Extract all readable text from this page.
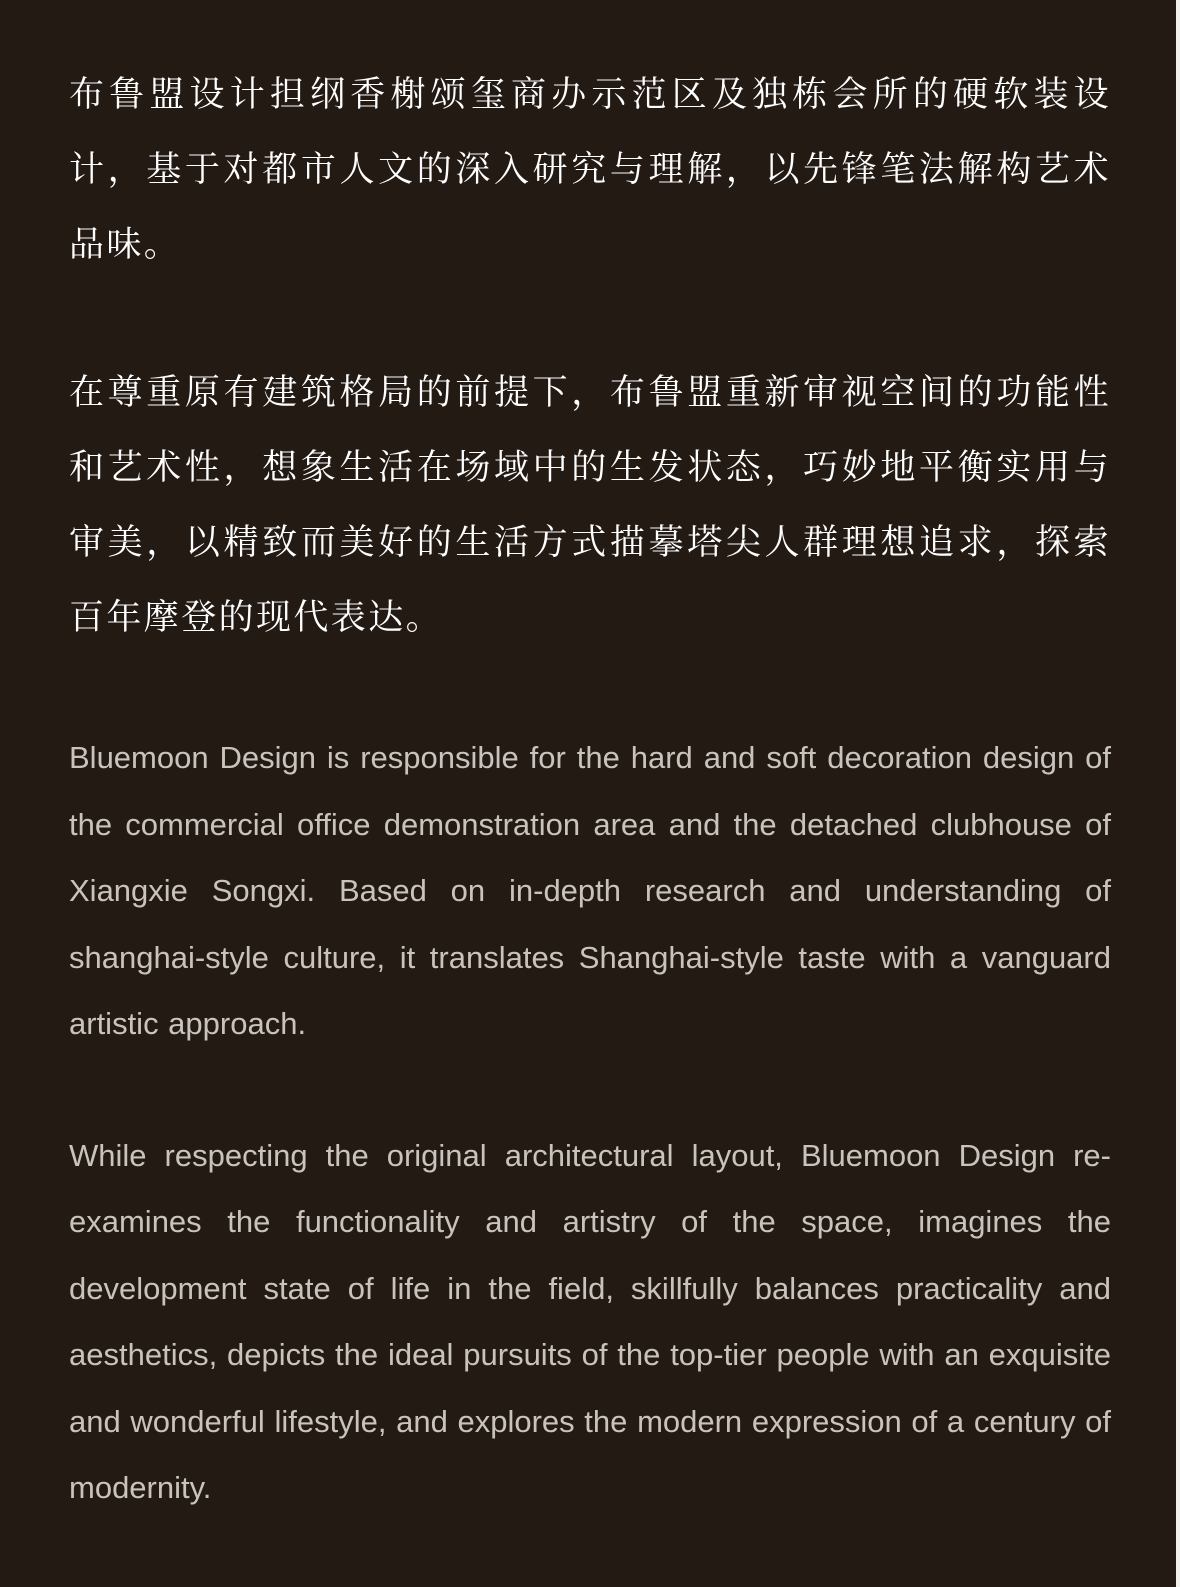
布鲁盟设计担纲香榭颂玺商办示范区及独栋会所的硬软装设计，基于对都市人文的深入研究与理解，以先锋笔法解构艺术品味。

在尊重原有建筑格局的前提下，布鲁盟重新审视空间的功能性和艺术性，想象生活在场域中的生发状态，巧妙地平衡实用与审美，以精致而美好的生活方式描摹塔尖人群理想追求，探索百年摩登的现代表达。

Bluemoon Design is responsible for the hard and soft decoration design of the commercial office demonstration area and the detached clubhouse of Xiangxie Songxi. Based on in-depth research and understanding of shanghai-style culture, it translates Shanghai-style taste with a vanguard artistic approach.

While respecting the original architectural layout, Bluemoon Design re-examines the functionality and artistry of the space, imagines the development state of life in the field, skillfully balances practicality and aesthetics, depicts the ideal pursuits of the top-tier people with an exquisite and wonderful lifestyle, and explores the modern expression of a century of modernity.
